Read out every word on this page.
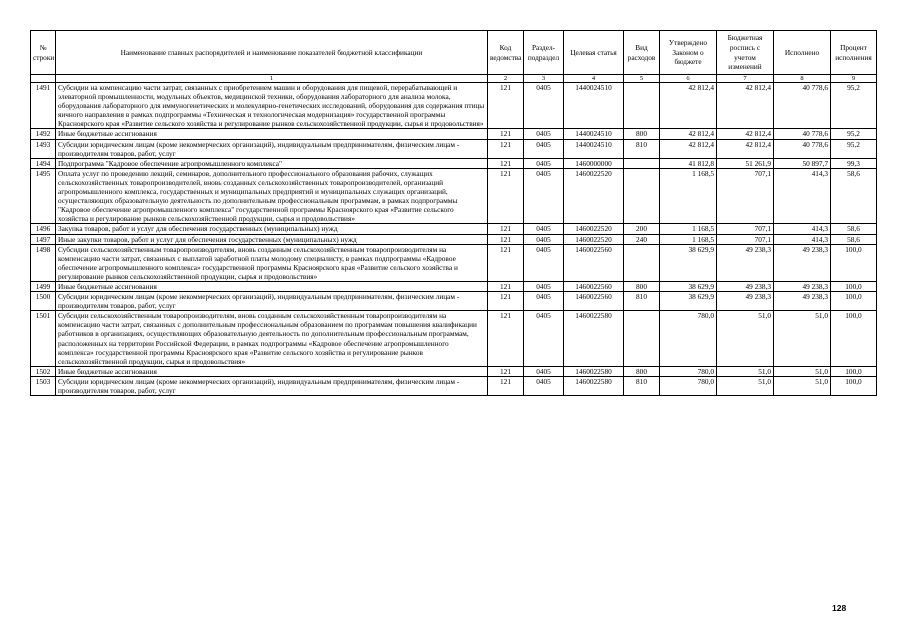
№ строки	Наименование главных распорядителей и наименование показателей бюджетной классификации	Код ведомства	Раздел-подраздел	Целевая статья	Вид расходов	Утверждено Законом о бюджете	Бюджетная роспись с учетом изменений	Исполнено	Процент исполнения
	1	2	3	4	5	6	7	8	9
1491	Субсидии на компенсацию части затрат, связанных с приобретением машин и оборудования для пищевой, перерабатывающей и элеваторной промышленности, модульных объектов, медицинской техники, оборудования лабораторного для анализа молока, оборудования лабораторного для иммуногенетических и молекулярно-генетических исследований, оборудования для содержания птицы яичного направления в рамках подпрограммы «Техническая и технологическая модернизация» государственной программы Красноярского края «Развитие сельского хозяйства и регулирование рынков сельскохозяйственной продукции, сырья и продовольствия»	121	0405	1440024510		42 812,4	42 812,4	40 778,6	95,2
1492	Иные бюджетные ассигнования	121	0405	1440024510	800	42 812,4	42 812,4	40 778,6	95,2
1493	Субсидии юридическим лицам (кроме некоммерческих организаций), индивидуальным предпринимателям, физическим лицам - производителям товаров, работ, услуг	121	0405	1440024510	810	42 812,4	42 812,4	40 778,6	95,2
1494	Подпрограмма "Кадровое обеспечение агропромышленного комплекса"	121	0405	1460000000		41 812,8	51 261,9	50 897,7	99,3
1495	Оплата услуг по проведению лекций, семинаров, дополнительного профессионального образования рабочих, служащих сельскохозяйственных товаропроизводителей, вновь созданных сельскохозяйственных товаропроизводителей, организаций агропромышленного комплекса, государственных и муниципальных предприятий и муниципальных служащих организаций, осуществляющих образовательную деятельность по дополнительным профессиональным программам, в рамках подпрограммы "Кадровое обеспечение агропромышленного комплекса" государственной программы Красноярского края «Развитие сельского хозяйства и регулирование рынков сельскохозяйственной продукции, сырья и продовольствия»	121	0405	1460022520		1 168,5	707,1	414,3	58,6
1496	Закупка товаров, работ и услуг для обеспечения государственных (муниципальных) нужд	121	0405	1460022520	200	1 168,5	707,1	414,3	58,6
1497	Иные закупки товаров, работ и услуг для обеспечения государственных (муниципальных) нужд	121	0405	1460022520	240	1 168,5	707,1	414,3	58,6
1498	Субсидии сельскохозяйственным товаропроизводителям, вновь созданным сельскохозяйственным товаропроизводителям на компенсацию части затрат, связанных с выплатой заработной платы молодому специалисту, в рамках подпрограммы «Кадровое обеспечение агропромышленного комплекса» государственной программы Красноярского края «Развитие сельского хозяйства и регулирование рынков сельскохозяйственной продукции, сырья и продовольствия»	121	0405	1460022560		38 629,9	49 238,3	49 238,3	100,0
1499	Иные бюджетные ассигнования	121	0405	1460022560	800	38 629,9	49 238,3	49 238,3	100,0
1500	Субсидии юридическим лицам (кроме некоммерческих организаций), индивидуальным предпринимателям, физическим лицам - производителям товаров, работ, услуг	121	0405	1460022560	810	38 629,9	49 238,3	49 238,3	100,0
1501	Субсидии сельскохозяйственным товаропроизводителям, вновь созданным сельскохозяйственным товаропроизводителям на компенсацию части затрат, связанных с дополнительным профессиональным образованием по программам повышения квалификации работников в организациях, осуществляющих образовательную деятельность по дополнительным профессиональным программам, расположенных на территории Российской Федерации, в рамках подпрограммы «Кадровое обеспечение агропромышленного комплекса» государственной программы Красноярского края «Развитие сельского хозяйства и регулирование рынков сельскохозяйственной продукции, сырья и продовольствия»	121	0405	1460022580		780,0	51,0	51,0	100,0
1502	Иные бюджетные ассигнования	121	0405	1460022580	800	780,0	51,0	51,0	100,0
1503	Субсидии юридическим лицам (кроме некоммерческих организаций), индивидуальным предпринимателям, физическим лицам - производителям товаров, работ, услуг	121	0405	1460022580	810	780,0	51,0	51,0	100,0
128
